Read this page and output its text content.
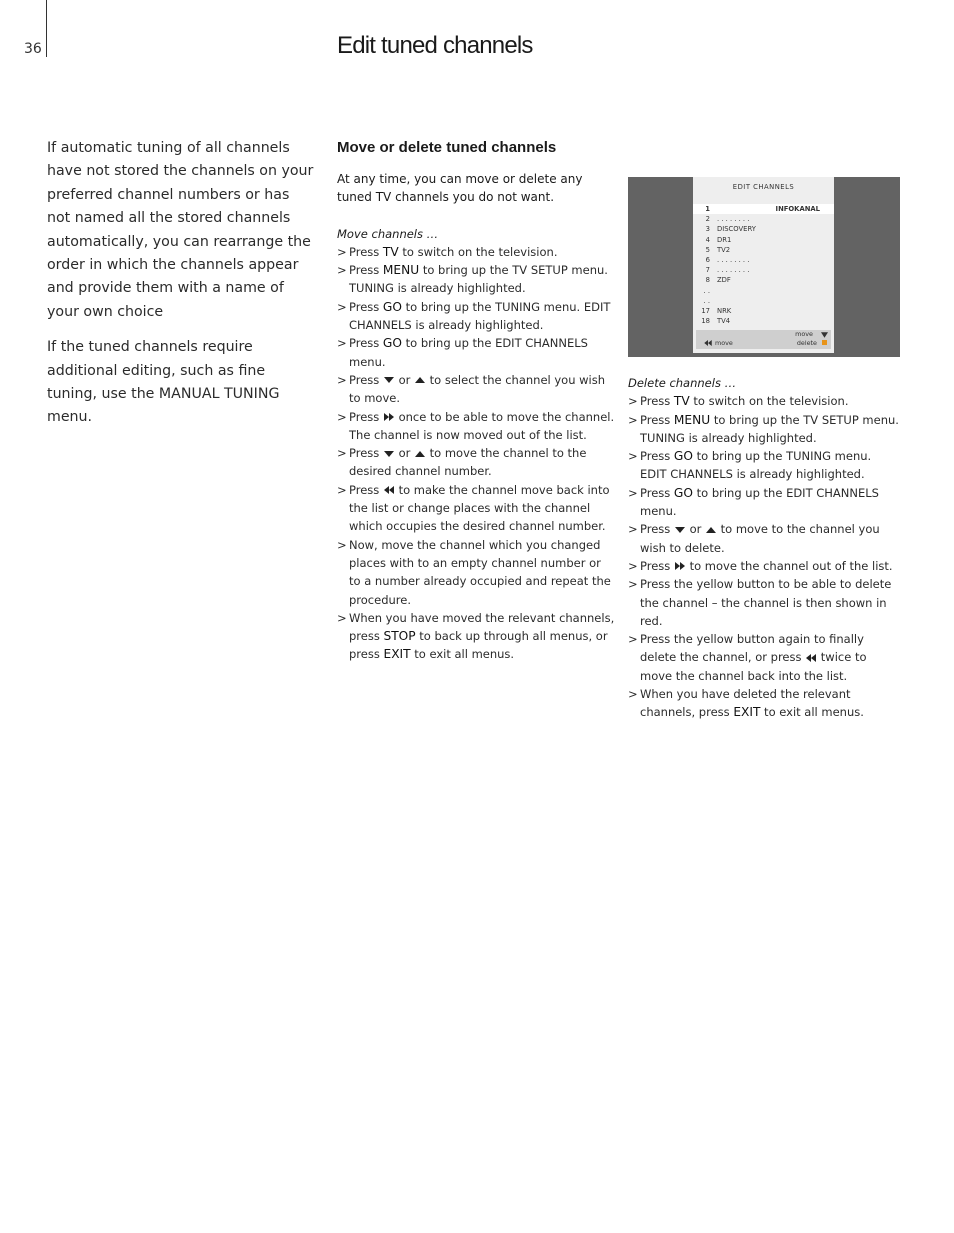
36	Edit tuned channels

If automatic tuning of all channels have not stored the channels on your preferred channel numbers or has not named all the stored channels automatically, you can rearrange the order in which the channels appear and provide them with a name of your own choice

If the tuned channels require additional editing, such as fine tuning, use the MANUAL TUNING menu.

Move or delete tuned channels

At any time, you can move or delete any tuned TV channels you do not want.

Move channels …
> Press TV to switch on the television.
> Press MENU to bring up the TV SETUP menu. TUNING is already highlighted.
> Press GO to bring up the TUNING menu. EDIT CHANNELS is already highlighted.
> Press GO to bring up the EDIT CHANNELS menu.
> Press  or  to select the channel you wish to move.
> Press  once to be able to move the channel. The channel is now moved out of the list.
> Press  or  to move the channel to the desired channel number.
> Press  to make the channel move back into the list or change places with the channel which occupies the desired channel number.
> Now, move the channel which you changed places with to an empty channel number or to a number already occupied and repeat the procedure.
> When you have moved the relevant channels, press STOP to back up through all menus, or press EXIT to exit all menus.
EDIT CHANNELS
1	INFOKANAL
2 . . . . . . . .
3 DISCOVERY
4 DR1
5 TV2
6 . . . . . . . .
7 . . . . . . . .
8 ZDF
. .
. .
17 NRK
18 TV4
move
move
delete
Delete channels …
> Press TV to switch on the television.
> Press MENU to bring up the TV SETUP menu. TUNING is already highlighted.
> Press GO to bring up the TUNING menu. EDIT CHANNELS is already highlighted.
> Press GO to bring up the EDIT CHANNELS menu.
> Press  or  to move to the channel you wish to delete.
> Press  to move the channel out of the list.
> Press the yellow button to be able to delete the channel – the channel is then shown in red.
> Press the yellow button again to finally delete the channel, or press  twice to move the channel back into the list.
> When you have deleted the relevant channels, press EXIT to exit all menus.
